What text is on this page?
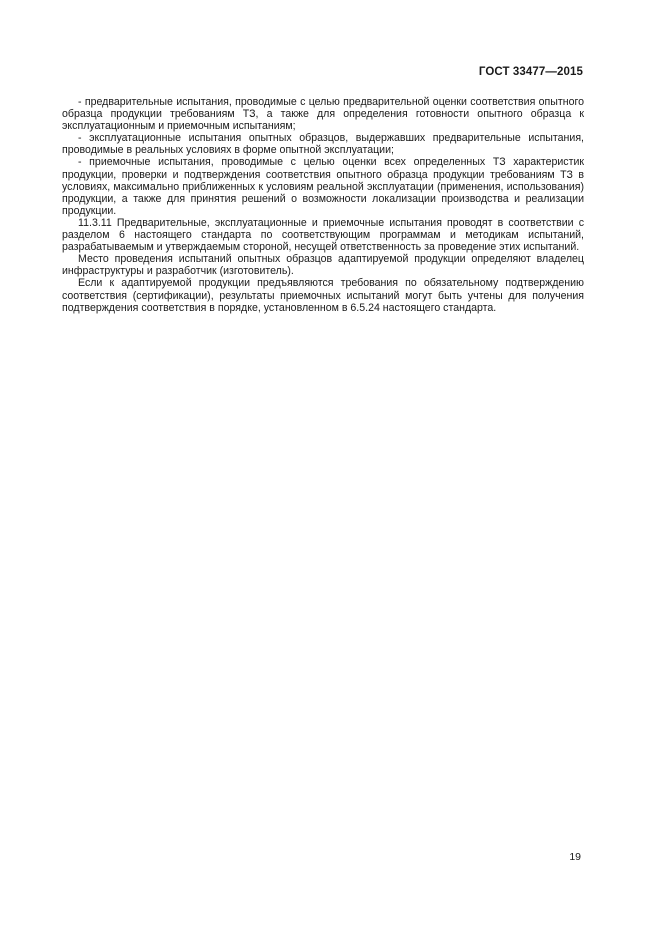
ГОСТ 33477—2015

- предварительные испытания, проводимые с целью предварительной оценки соответствия опытного образца продукции требованиям ТЗ, а также для определения готовности опытного образца к эксплуатационным и приемочным испытаниям;

- эксплуатационные испытания опытных образцов, выдержавших предварительные испытания, проводимые в реальных условиях в форме опытной эксплуатации;

- приемочные испытания, проводимые с целью оценки всех определенных ТЗ характеристик продукции, проверки и подтверждения соответствия опытного образца продукции требованиям ТЗ в условиях, максимально приближенных к условиям реальной эксплуатации (применения, использования) продукции, а также для принятия решений о возможности локализации производства и реализации продукции.

11.3.11 Предварительные, эксплуатационные и приемочные испытания проводят в соответствии с разделом 6 настоящего стандарта по соответствующим программам и методикам испытаний, разрабатываемым и утверждаемым стороной, несущей ответственность за проведение этих испытаний.

Место проведения испытаний опытных образцов адаптируемой продукции определяют владелец инфраструктуры и разработчик (изготовитель).

Если к адаптируемой продукции предъявляются требования по обязательному подтверждению соответствия (сертификации), результаты приемочных испытаний могут быть учтены для получения подтверждения соответствия в порядке, установленном в 6.5.24 настоящего стандарта.

19
